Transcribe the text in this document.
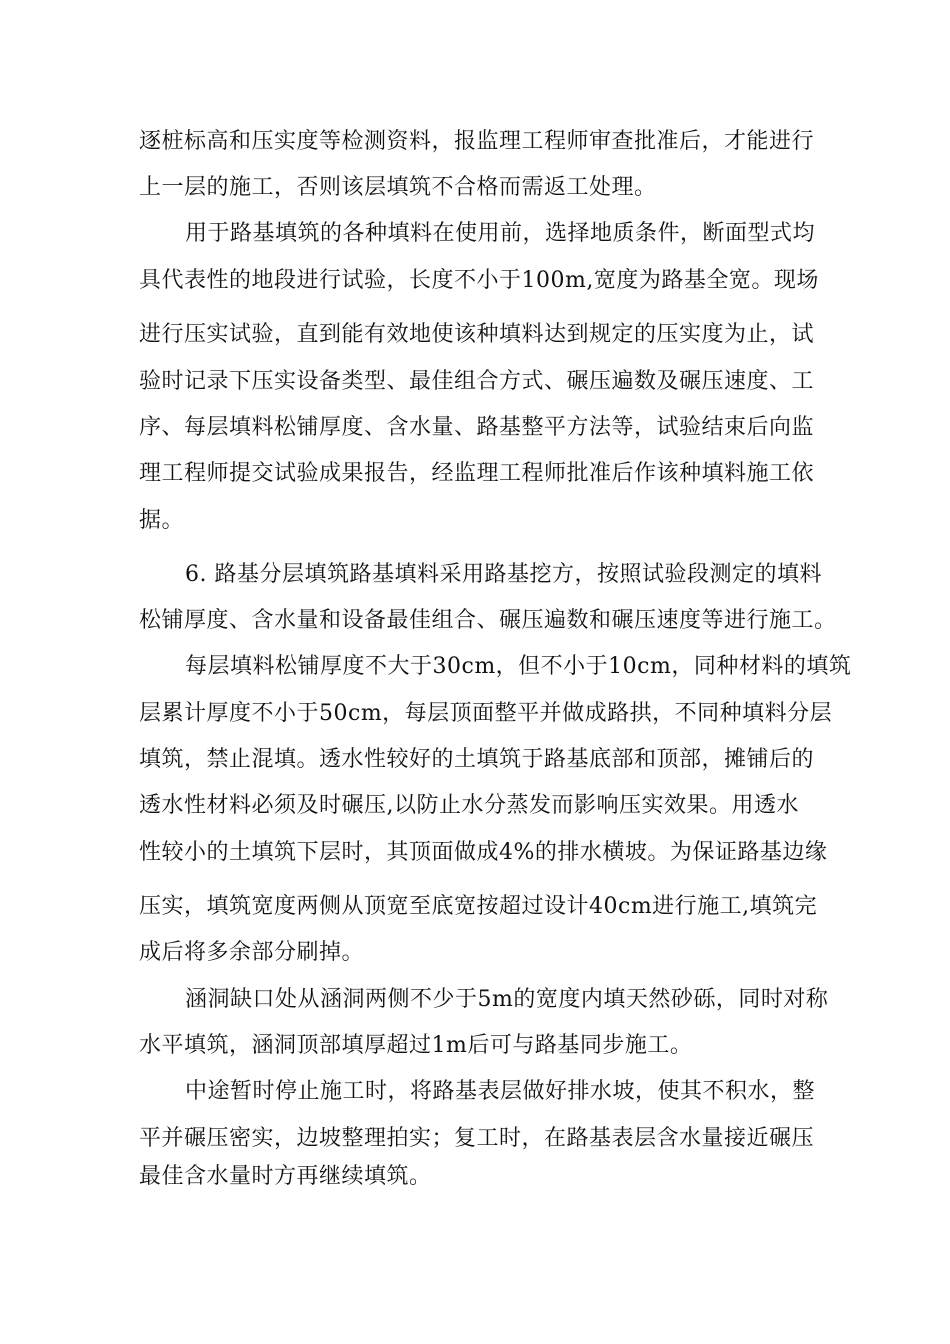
逐桩标高和压实度等检测资料，报监理工程师审查批准后，才能进行
上一层的施工，否则该层填筑不合格而需返工处理。
用于路基填筑的各种填料在使用前，选择地质条件，断面型式均
具代表性的地段进行试验，长度不小于100m,宽度为路基全宽。现场
进行压实试验，直到能有效地使该种填料达到规定的压实度为止，试
验时记录下压实设备类型、最佳组合方式、碾压遍数及碾压速度、工
序、每层填料松铺厚度、含水量、路基整平方法等，试验结束后向监
理工程师提交试验成果报告，经监理工程师批准后作该种填料施工依
据。
6. 路基分层填筑路基填料采用路基挖方，按照试验段测定的填料
松铺厚度、含水量和设备最佳组合、碾压遍数和碾压速度等进行施工。
每层填料松铺厚度不大于30cm，但不小于10cm，同种材料的填筑
层累计厚度不小于50cm，每层顶面整平并做成路拱，不同种填料分层
填筑，禁止混填。透水性较好的土填筑于路基底部和顶部，摊铺后的
透水性材料必须及时碾压,以防止水分蒸发而影响压实效果。用透水
性较小的土填筑下层时，其顶面做成4%的排水横坡。为保证路基边缘
压实，填筑宽度两侧从顶宽至底宽按超过设计40cm进行施工,填筑完
成后将多余部分刷掉。
涵洞缺口处从涵洞两侧不少于5m的宽度内填天然砂砾，同时对称
水平填筑，涵洞顶部填厚超过1m后可与路基同步施工。
中途暂时停止施工时，将路基表层做好排水坡，使其不积水，整
平并碾压密实，边坡整理拍实；复工时，在路基表层含水量接近碾压
最佳含水量时方再继续填筑。
